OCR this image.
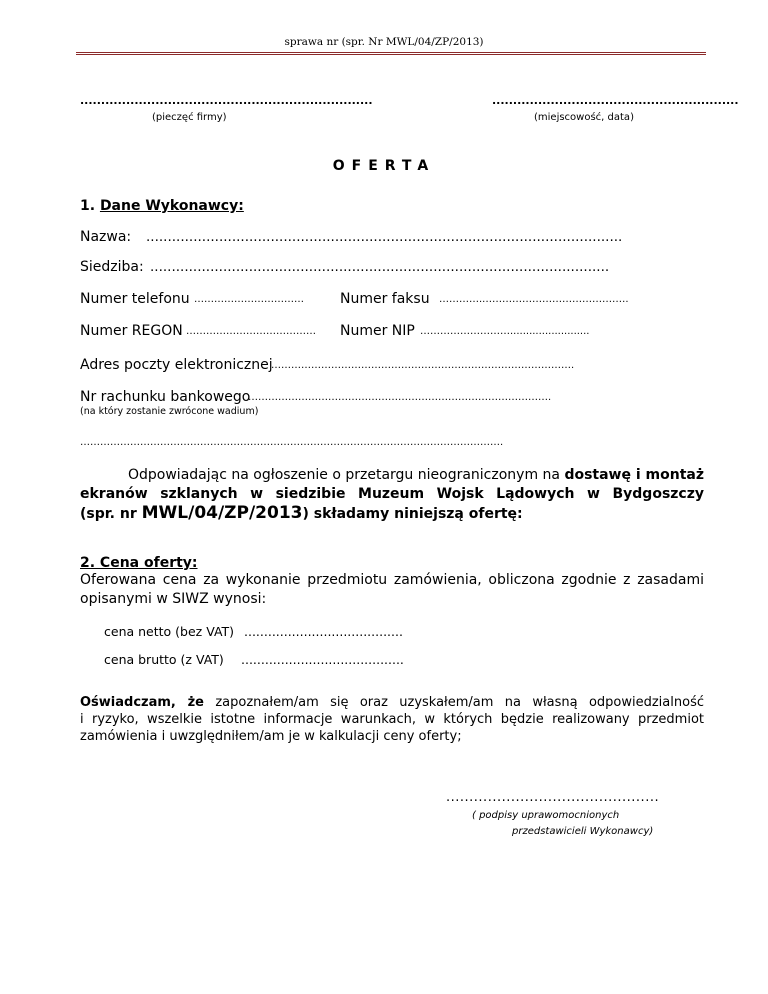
sprawa nr (spr. Nr MWL/04/ZP/2013)
......................................................................
(pieczęć firmy)
...........................................................
(miejscowość, data)
OFERTA
1. Dane Wykonawcy:
Nazwa: ...............................................................................................................
Siedziba: ...........................................................................................................
Numer telefonu ……………………………	Numer faksu …………..…………………………………….
Numer REGON ………………………………… Numer NIP ……………………….........................
Adres poczty elektronicznej
……………………………………………………………………………….
Nr rachunku bankowego
……………………………………………………………………………….
(na który zostanie zwrócone wadium)
……………………………………………………………………………………………………………….
Odpowiadając na ogłoszenie o przetargu nieograniczonym na dostawę i montaż
ekranów szklanych w siedzibie Muzeum Wojsk Lądowych w Bydgoszczy
(spr. nr MWL/04/ZP/2013) składamy niniejszą ofertę:
2. Cena oferty:
Oferowana cena za wykonanie przedmiotu zamówienia, obliczona zgodnie z zasadami
opisanymi w SIWZ wynosi:
cena netto (bez VAT) ........................................
cena brutto (z VAT) .........................................
Oświadczam, że zapoznałem/am się oraz uzyskałem/am na własną odpowiedzialność
i ryzyko, wszelkie istotne informacje warunkach, w których będzie realizowany przedmiot
zamówienia i uwzględniłem/am je w kalkulacji ceny oferty;
..............................................
( podpisy uprawomocnionych
przedstawicieli Wykonawcy)
